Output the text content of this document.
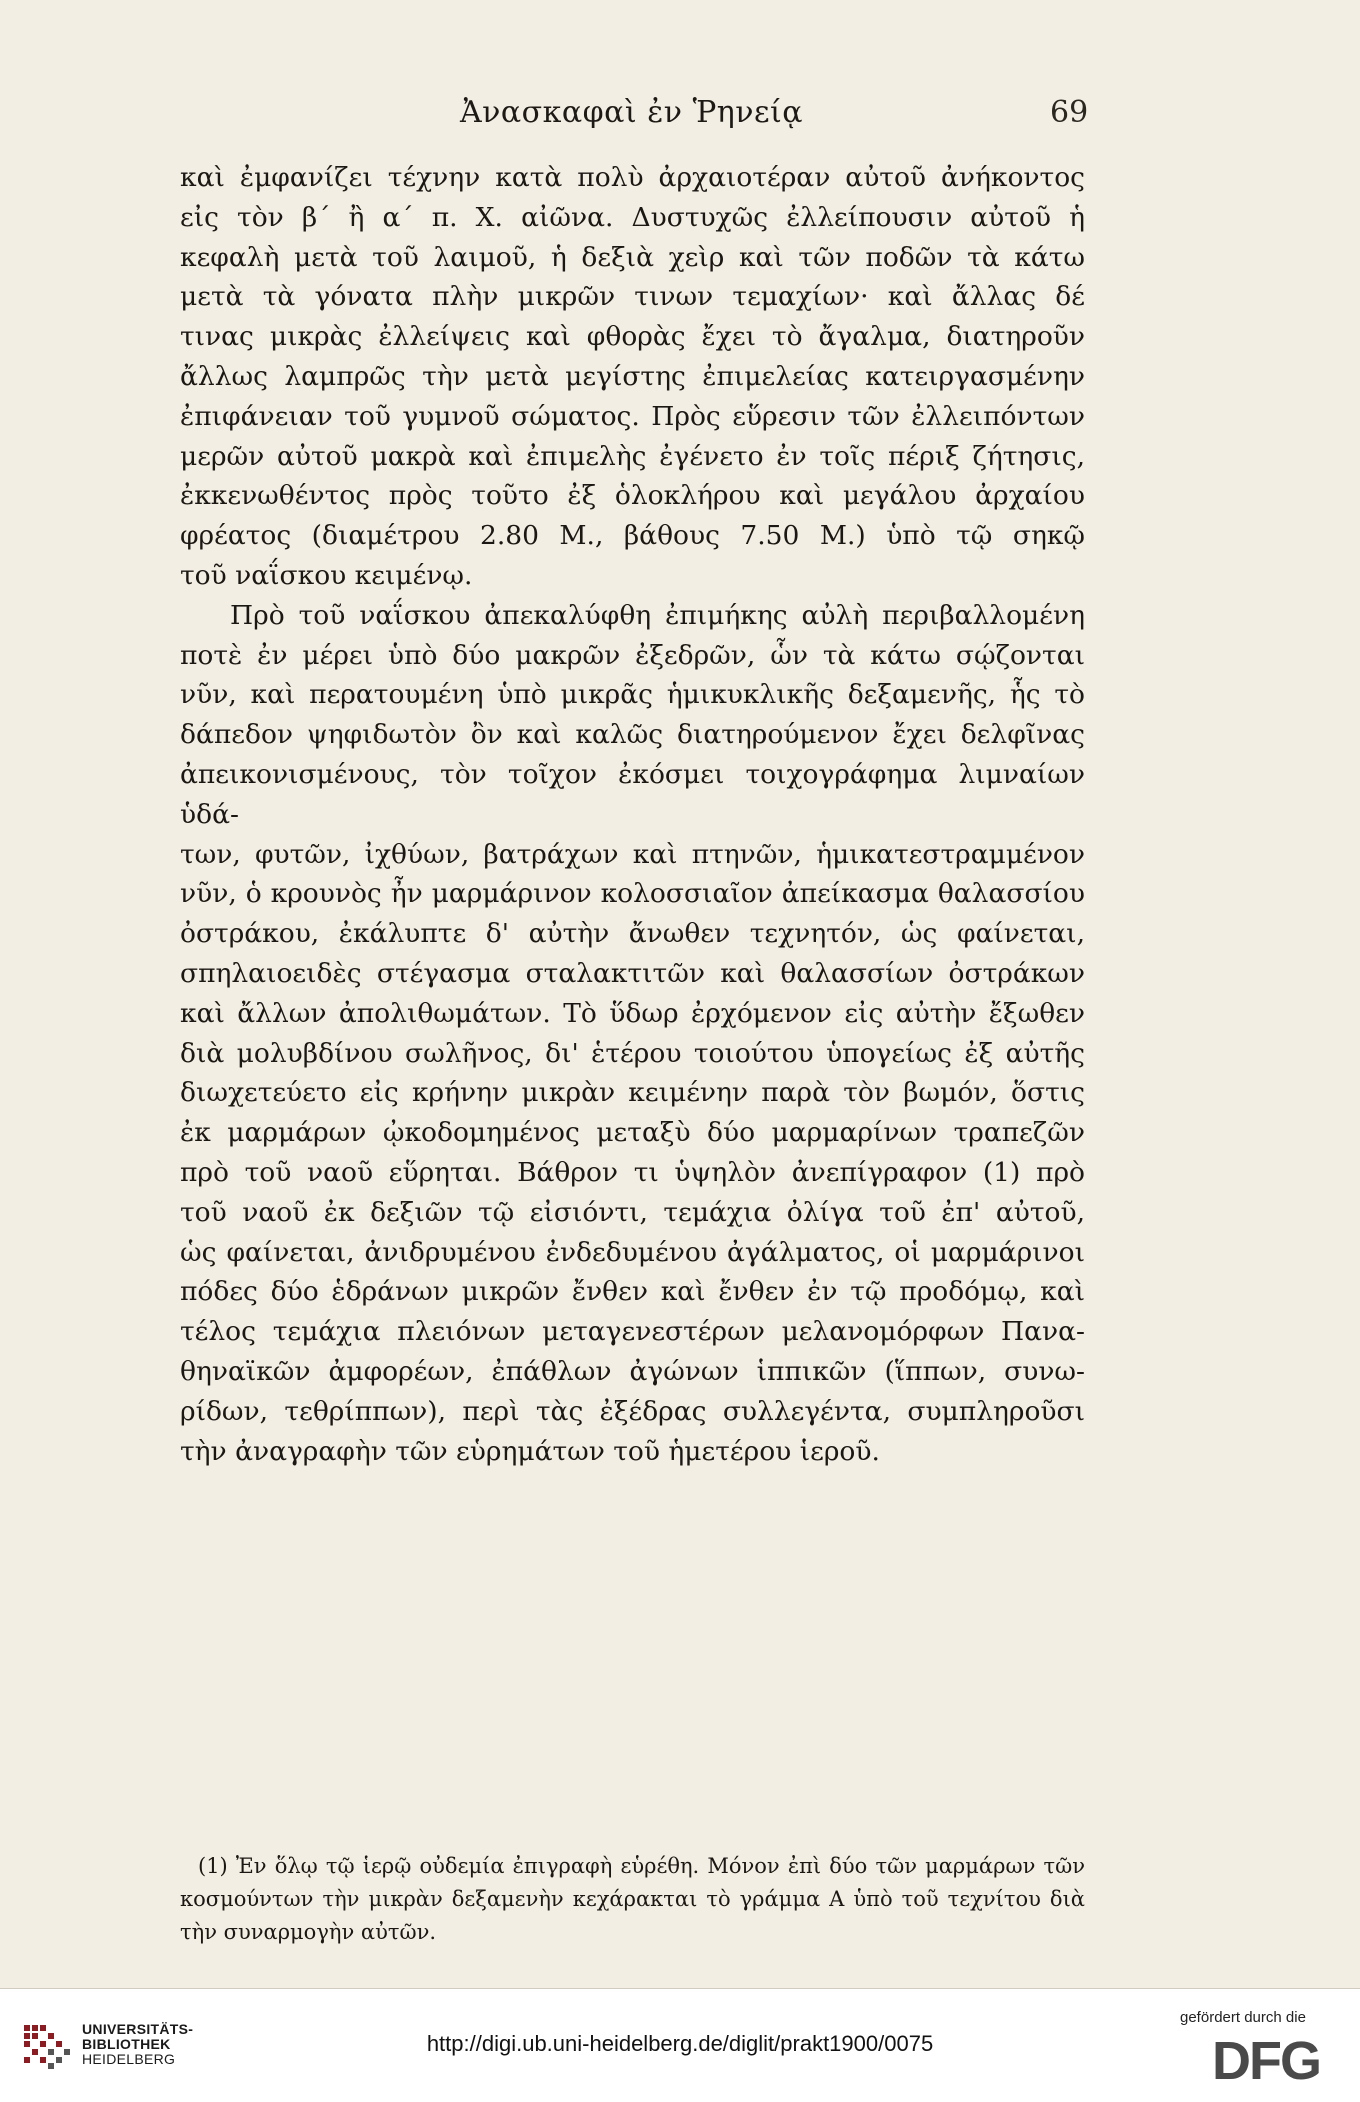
Ἀνασκαφαὶ ἐν Ῥηνείᾳ	69

καὶ ἐμφανίζει τέχνην κατὰ πολὺ ἀρχαιοτέραν αὐτοῦ ἀνήκοντος

εἰς τὸν β΄ ἢ α΄ π. Χ. αἰῶνα. Δυστυχῶς ἐλλείπουσιν αὐτοῦ ἡ

κεφαλὴ μετὰ τοῦ λαιμοῦ, ἡ δεξιὰ χεὶρ καὶ τῶν ποδῶν τὰ κάτω

μετὰ τὰ γόνατα πλὴν μικρῶν τινων τεμαχίων· καὶ ἄλλας δέ

τινας μικρὰς ἐλλείψεις καὶ φθορὰς ἔχει τὸ ἄγαλμα, διατηροῦν

ἄλλως λαμπρῶς τὴν μετὰ μεγίστης ἐπιμελείας κατειργασμένην

ἐπιφάνειαν τοῦ γυμνοῦ σώματος. Πρὸς εὕρεσιν τῶν ἐλλειπόντων

μερῶν αὐτοῦ μακρὰ καὶ ἐπιμελὴς ἐγένετο ἐν τοῖς πέριξ ζήτησις,

ἐκκενωθέντος πρὸς τοῦτο ἐξ ὁλοκλήρου καὶ μεγάλου ἀρχαίου

φρέατος (διαμέτρου 2.80 Μ., βάθους 7.50 Μ.) ὑπὸ τῷ σηκῷ

τοῦ ναΐσκου κειμένῳ.

Πρὸ τοῦ ναΐσκου ἀπεκαλύφθη ἐπιμήκης αὐλὴ περιβαλλομένη

ποτὲ ἐν μέρει ὑπὸ δύο μακρῶν ἐξεδρῶν, ὧν τὰ κάτω σῴζονται

νῦν, καὶ περατουμένη ὑπὸ μικρᾶς ἡμικυκλικῆς δεξαμενῆς, ἧς τὸ

δάπεδον ψηφιδωτὸν ὂν καὶ καλῶς διατηρούμενον ἔχει δελφῖνας

ἀπεικονισμένους, τὸν τοῖχον ἐκόσμει τοιχογράφημα λιμναίων ὑδά-

των, φυτῶν, ἰχθύων, βατράχων καὶ πτηνῶν, ἡμικατεστραμμένον

νῦν, ὁ κρουνὸς ἦν μαρμάρινον κολοσσιαῖον ἀπείκασμα θαλασσίου

ὀστράκου, ἐκάλυπτε δ' αὐτὴν ἄνωθεν τεχνητόν, ὡς φαίνεται,

σπηλαιοειδὲς στέγασμα σταλακτιτῶν καὶ θαλασσίων ὀστράκων

καὶ ἄλλων ἀπολιθωμάτων. Τὸ ὕδωρ ἐρχόμενον εἰς αὐτὴν ἔξωθεν

διὰ μολυβδίνου σωλῆνος, δι' ἑτέρου τοιούτου ὑπογείως ἐξ αὐτῆς

διωχετεύετο εἰς κρήνην μικρὰν κειμένην παρὰ τὸν βωμόν, ὅστις

ἐκ μαρμάρων ᾠκοδομημένος μεταξὺ δύο μαρμαρίνων τραπεζῶν

πρὸ τοῦ ναοῦ εὕρηται. Βάθρον τι ὑψηλὸν ἀνεπίγραφον (1) πρὸ

τοῦ ναοῦ ἐκ δεξιῶν τῷ εἰσιόντι, τεμάχια ὀλίγα τοῦ ἐπ' αὐτοῦ,

ὡς φαίνεται, ἀνιδρυμένου ἐνδεδυμένου ἀγάλματος, οἱ μαρμάρινοι

πόδες δύο ἑδράνων μικρῶν ἔνθεν καὶ ἔνθεν ἐν τῷ προδόμῳ, καὶ

τέλος τεμάχια πλειόνων μεταγενεστέρων μελανομόρφων Πανα-

θηναϊκῶν ἀμφορέων, ἐπάθλων ἀγώνων ἱππικῶν (ἵππων, συνω-

ρίδων, τεθρίππων), περὶ τὰς ἐξέδρας συλλεγέντα, συμπληροῦσι

τὴν ἀναγραφὴν τῶν εὑρημάτων τοῦ ἡμετέρου ἱεροῦ.

(1) Ἐν ὅλῳ τῷ ἱερῷ οὐδεμία ἐπιγραφὴ εὑρέθη. Μόνον ἐπὶ δύο τῶν μαρμάρων τῶν κοσμούντων τὴν μικρὰν δεξαμενὴν κεχάρακται τὸ γράμμα Α ὑπὸ τοῦ τεχνίτου διὰ τὴν συναρμογὴν αὐτῶν.

UNIVERSITÄTS-
BIBLIOTHEK
HEIDELBERG
http://digi.ub.uni-heidelberg.de/diglit/prakt1900/0075
gefördert durch die
DFG
